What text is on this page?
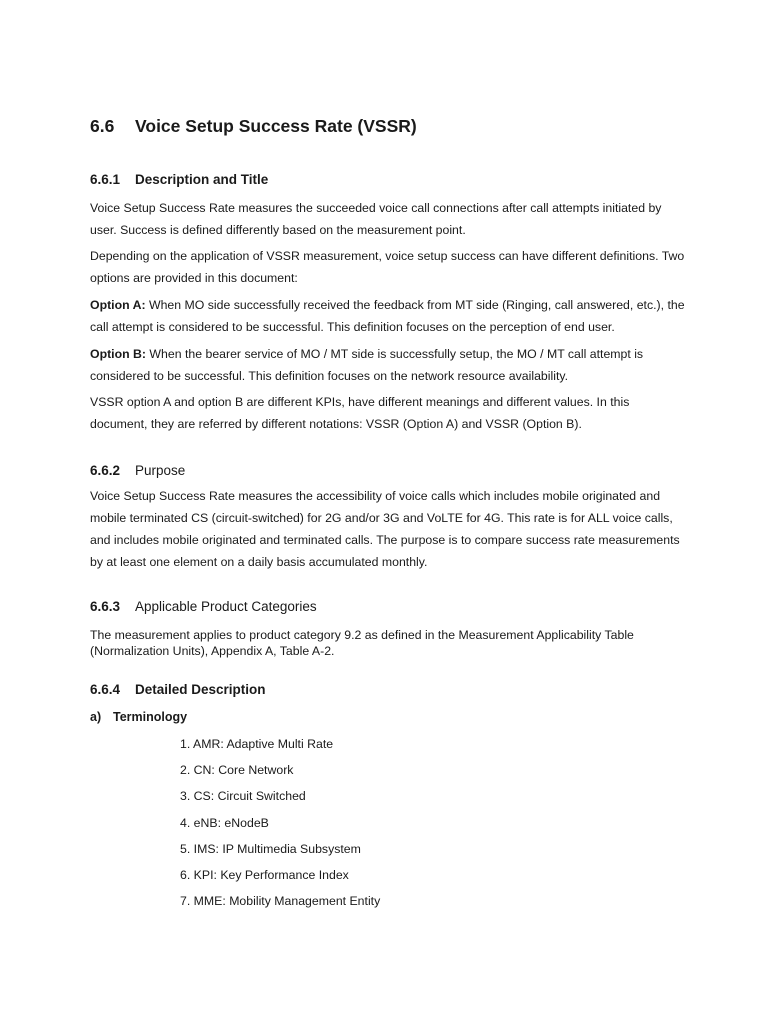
6.6 Voice Setup Success Rate (VSSR)
6.6.1 Description and Title
Voice Setup Success Rate measures the succeeded voice call connections after call attempts initiated by user. Success is defined differently based on the measurement point.
Depending on the application of VSSR measurement, voice setup success can have different definitions. Two options are provided in this document:
Option A: When MO side successfully received the feedback from MT side (Ringing, call answered, etc.), the call attempt is considered to be successful. This definition focuses on the perception of end user.
Option B: When the bearer service of MO / MT side is successfully setup, the MO / MT call attempt is considered to be successful. This definition focuses on the network resource availability.
VSSR option A and option B are different KPIs, have different meanings and different values. In this document, they are referred by different notations: VSSR (Option A) and VSSR (Option B).
6.6.2 Purpose
Voice Setup Success Rate measures the accessibility of voice calls which includes mobile originated and mobile terminated CS (circuit-switched) for 2G and/or 3G and VoLTE for 4G. This rate is for ALL voice calls, and includes mobile originated and terminated calls. The purpose is to compare success rate measurements by at least one element on a daily basis accumulated monthly.
6.6.3 Applicable Product Categories
The measurement applies to product category 9.2 as defined in the Measurement Applicability Table (Normalization Units), Appendix A, Table A-2.
6.6.4 Detailed Description
a) Terminology
1. AMR: Adaptive Multi Rate
2. CN: Core Network
3. CS: Circuit Switched
4. eNB: eNodeB
5. IMS: IP Multimedia Subsystem
6. KPI: Key Performance Index
7. MME: Mobility Management Entity
